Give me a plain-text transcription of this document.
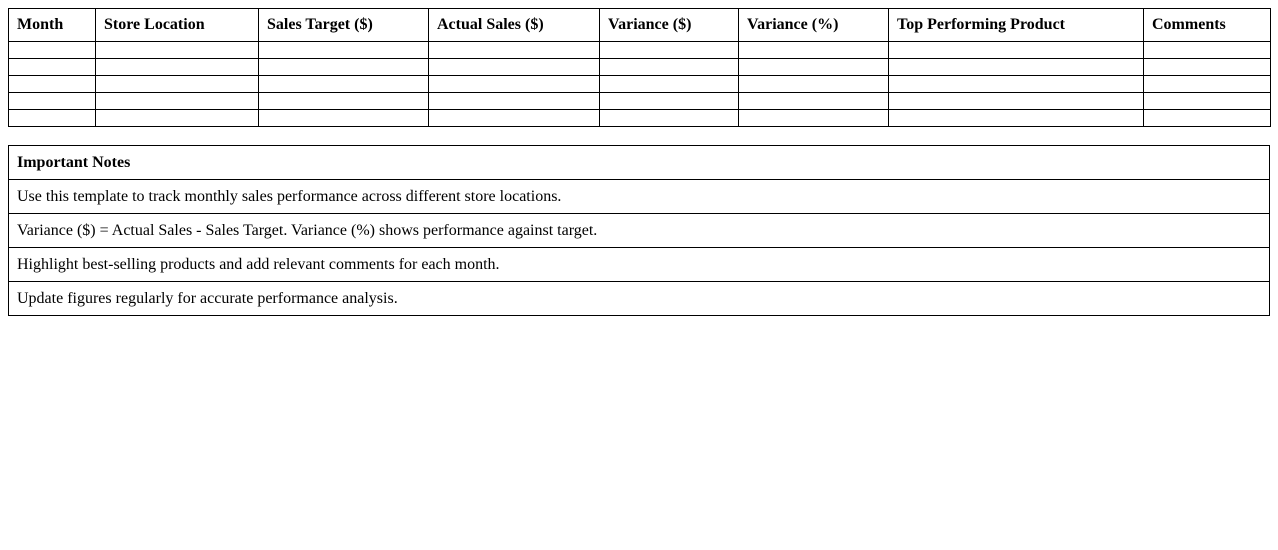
Month	Store Location	Sales Target ($)	Actual Sales ($)	Variance ($)	Variance (%)	Top Performing Product	Comments

Important Notes
Use this template to track monthly sales performance across different store locations.
Variance ($) = Actual Sales - Sales Target. Variance (%) shows performance against target.
Highlight best-selling products and add relevant comments for each month.
Update figures regularly for accurate performance analysis.
